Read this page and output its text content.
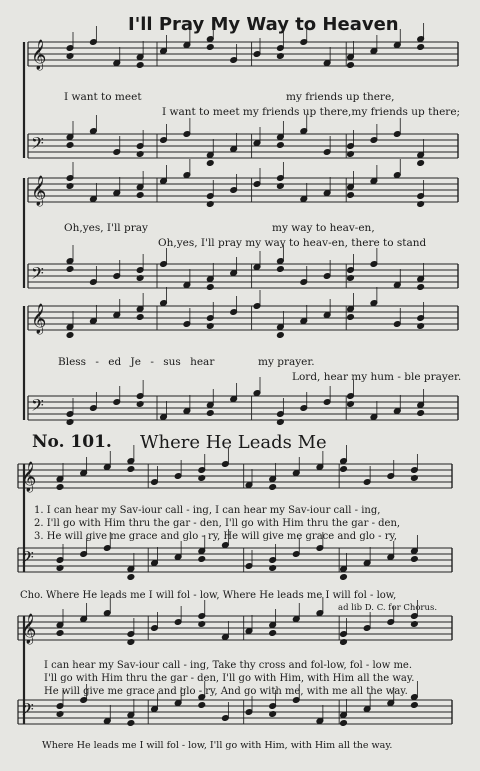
𝄞
𝄢
𝄞
𝄢
𝄞
𝄢
𝄞
𝄢
𝄞
𝄢
I'll Pray My Way to Heaven
I want to meet	my friends up there,
I want to meet my friends up there,my friends up there;
Oh,yes, I'll pray	my way to heav-en,
Oh,yes, I'll pray my way to heav-en, there to stand
Bless - ed Je - sus hear	my prayer.
Lord, hear my hum - ble prayer.
No. 101. Where He Leads Me
1. I can hear my Sav-iour call - ing, I can hear my Sav-iour call - ing,
2. I'll go with Him thru the gar - den, I'll go with Him thru the gar - den,
3. He will give me grace and glo - ry, He will give me grace and glo - ry,
Cho. Where He leads me I will fol - low, Where He leads me I will fol - low,
ad lib D. C. for Chorus.
I can hear my Sav-iour call - ing, Take thy cross and fol-low, fol - low me.
I'll go with Him thru the gar - den, I'll go with Him, with Him all the way.
He will give me grace and glo - ry, And go with me, with me all the way.
Where He leads me I will fol - low, I'll go with Him, with Him all the way.
